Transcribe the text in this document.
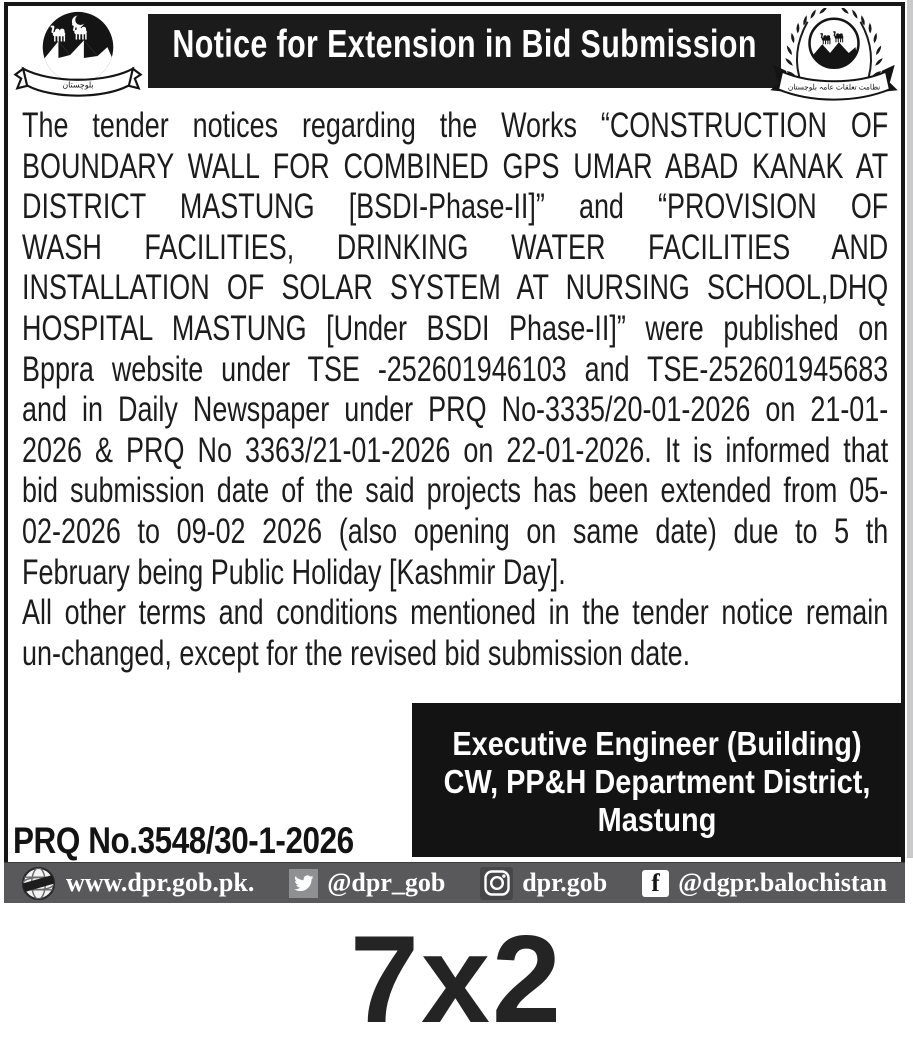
بلوچستان
Notice for Extension in Bid Submission
نظامت تعلقات عامہ بلوچستان
The tender notices regarding the Works “CONSTRUCTION OF
BOUNDARY WALL FOR COMBINED GPS UMAR ABAD KANAK AT
DISTRICT MASTUNG [BSDI-Phase-II]” and “PROVISION OF
WASH FACILITIES, DRINKING WATER FACILITIES AND
INSTALLATION OF SOLAR SYSTEM AT NURSING SCHOOL,DHQ
HOSPITAL MASTUNG [Under BSDI Phase-II]” were published on
Bppra website under TSE -252601946103 and TSE-252601945683
and in Daily Newspaper under PRQ No-3335/20-01-2026 on 21-01-
2026 & PRQ No 3363/21-01-2026 on 22-01-2026. It is informed that
bid submission date of the said projects has been extended from 05-
02-2026 to 09-02 2026 (also opening on same date) due to 5 th
February being Public Holiday [Kashmir Day].
All other terms and conditions mentioned in the tender notice remain
un-changed, except for the revised bid submission date.
Executive Engineer (Building)
CW, PP&H Department District,
Mastung
PRQ No.3548/30-1-2026
www.dpr.gob.pk.	@dpr_gob	dpr.gob	f @dgpr.balochistan
7x2
